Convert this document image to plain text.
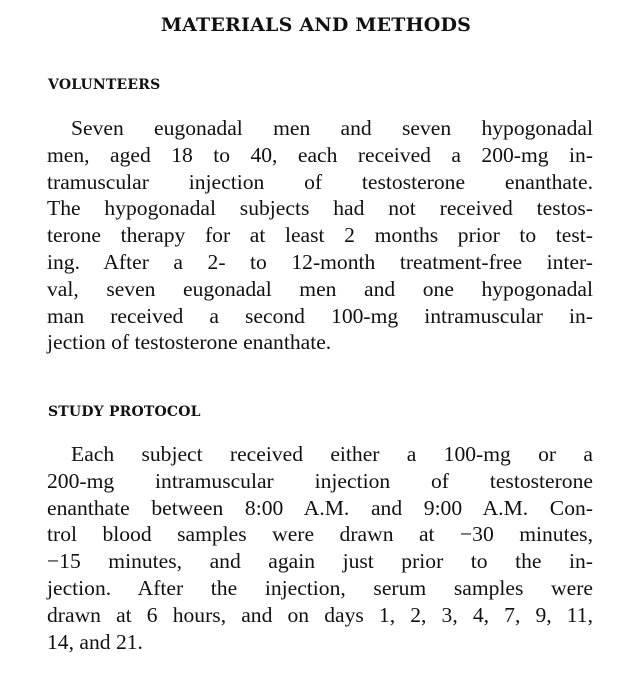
MATERIALS AND METHODS
VOLUNTEERS
Seven eugonadal men and seven hypogonadal
men, aged 18 to 40, each received a 200-mg in-
tramuscular injection of testosterone enanthate.
The hypogonadal subjects had not received testos-
terone therapy for at least 2 months prior to test-
ing. After a 2- to 12-month treatment-free inter-
val, seven eugonadal men and one hypogonadal
man received a second 100-mg intramuscular in-
jection of testosterone enanthate.
STUDY PROTOCOL
Each subject received either a 100-mg or a
200-mg intramuscular injection of testosterone
enanthate between 8:00 A.M. and 9:00 A.M. Con-
trol blood samples were drawn at −30 minutes,
−15 minutes, and again just prior to the in-
jection. After the injection, serum samples were
drawn at 6 hours, and on days 1, 2, 3, 4, 7, 9, 11,
14, and 21.
